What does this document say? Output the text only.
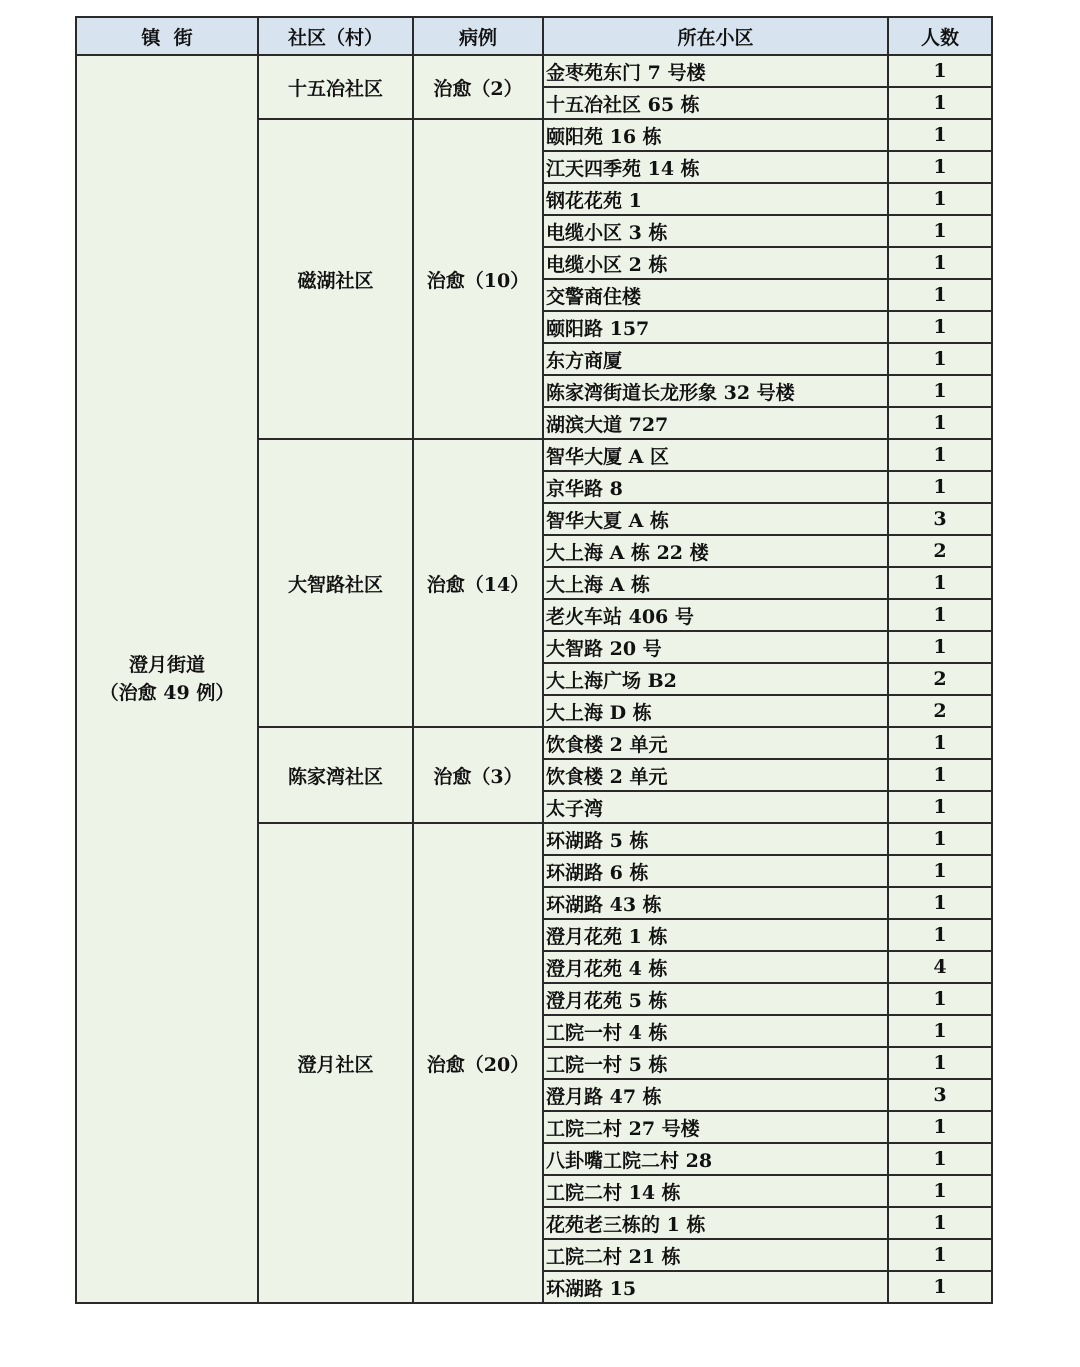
镇  街	社区（村）	病例	所在小区	人数

澄月街道
（治愈 49 例）	十五冶社区	治愈（2）	金枣苑东门 7 号楼	1
			十五冶社区 65 栋	1
	磁湖社区	治愈（10）	颐阳苑 16 栋	1
			江天四季苑 14 栋	1
			钢花花苑 1	1
			电缆小区 3 栋	1
			电缆小区 2 栋	1
			交警商住楼	1
			颐阳路 157	1
			东方商厦	1
			陈家湾街道长龙形象 32 号楼	1
			湖滨大道 727	1
	大智路社区	治愈（14）	智华大厦 A 区	1
			京华路 8	1
			智华大夏 A 栋	3
			大上海 A 栋 22 楼	2
			大上海 A 栋	1
			老火车站 406 号	1
			大智路 20 号	1
			大上海广场 B2	2
			大上海 D 栋	2
	陈家湾社区	治愈（3）	饮食楼 2 单元	1
			饮食楼 2 单元	1
			太子湾	1
	澄月社区	治愈（20）	环湖路 5 栋	1
			环湖路 6 栋	1
			环湖路 43 栋	1
			澄月花苑 1 栋	1
			澄月花苑 4 栋	4
			澄月花苑 5 栋	1
			工院一村 4 栋	1
			工院一村 5 栋	1
			澄月路 47 栋	3
			工院二村 27 号楼	1
			八卦嘴工院二村 28	1
			工院二村 14 栋	1
			花苑老三栋的 1 栋	1
			工院二村 21 栋	1
			环湖路 15	1
